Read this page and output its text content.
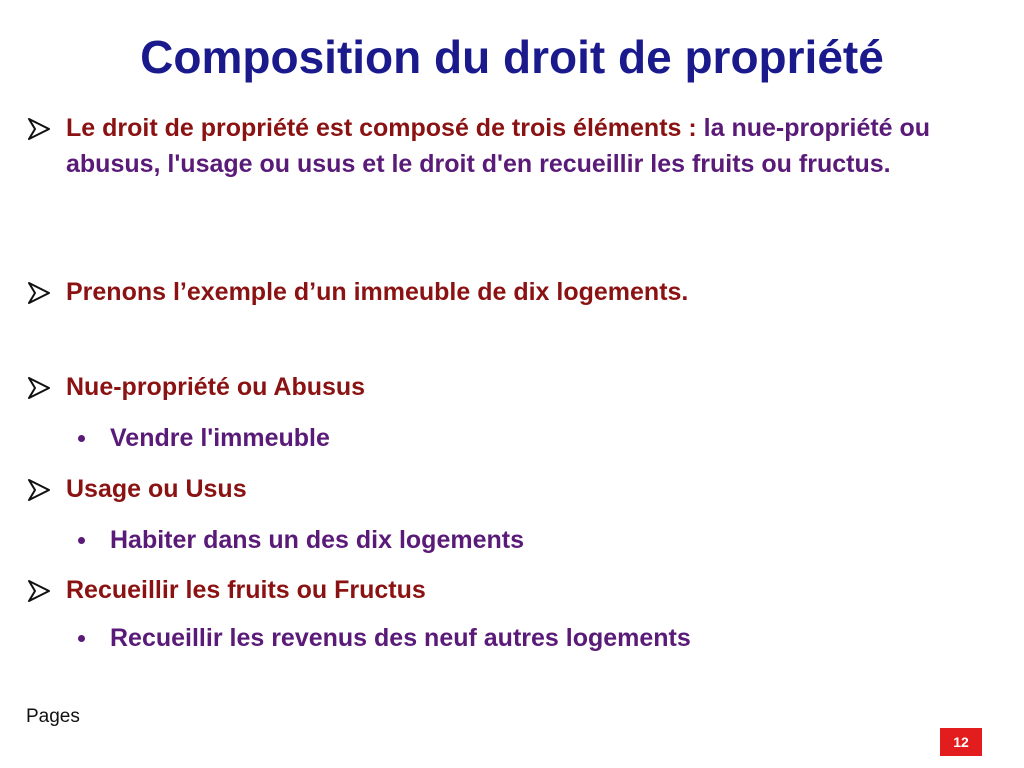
Composition du droit de propriété
Le droit de propriété est composé de trois éléments : la nue-propriété ou abusus, l'usage ou usus et le droit d'en recueillir les fruits ou fructus.
Prenons l’exemple d’un immeuble de dix logements.
Nue-propriété ou Abusus
Vendre l'immeuble
Usage ou Usus
Habiter dans un des dix logements
Recueillir les fruits ou Fructus
Recueillir les revenus des neuf autres logements
Pages
12
